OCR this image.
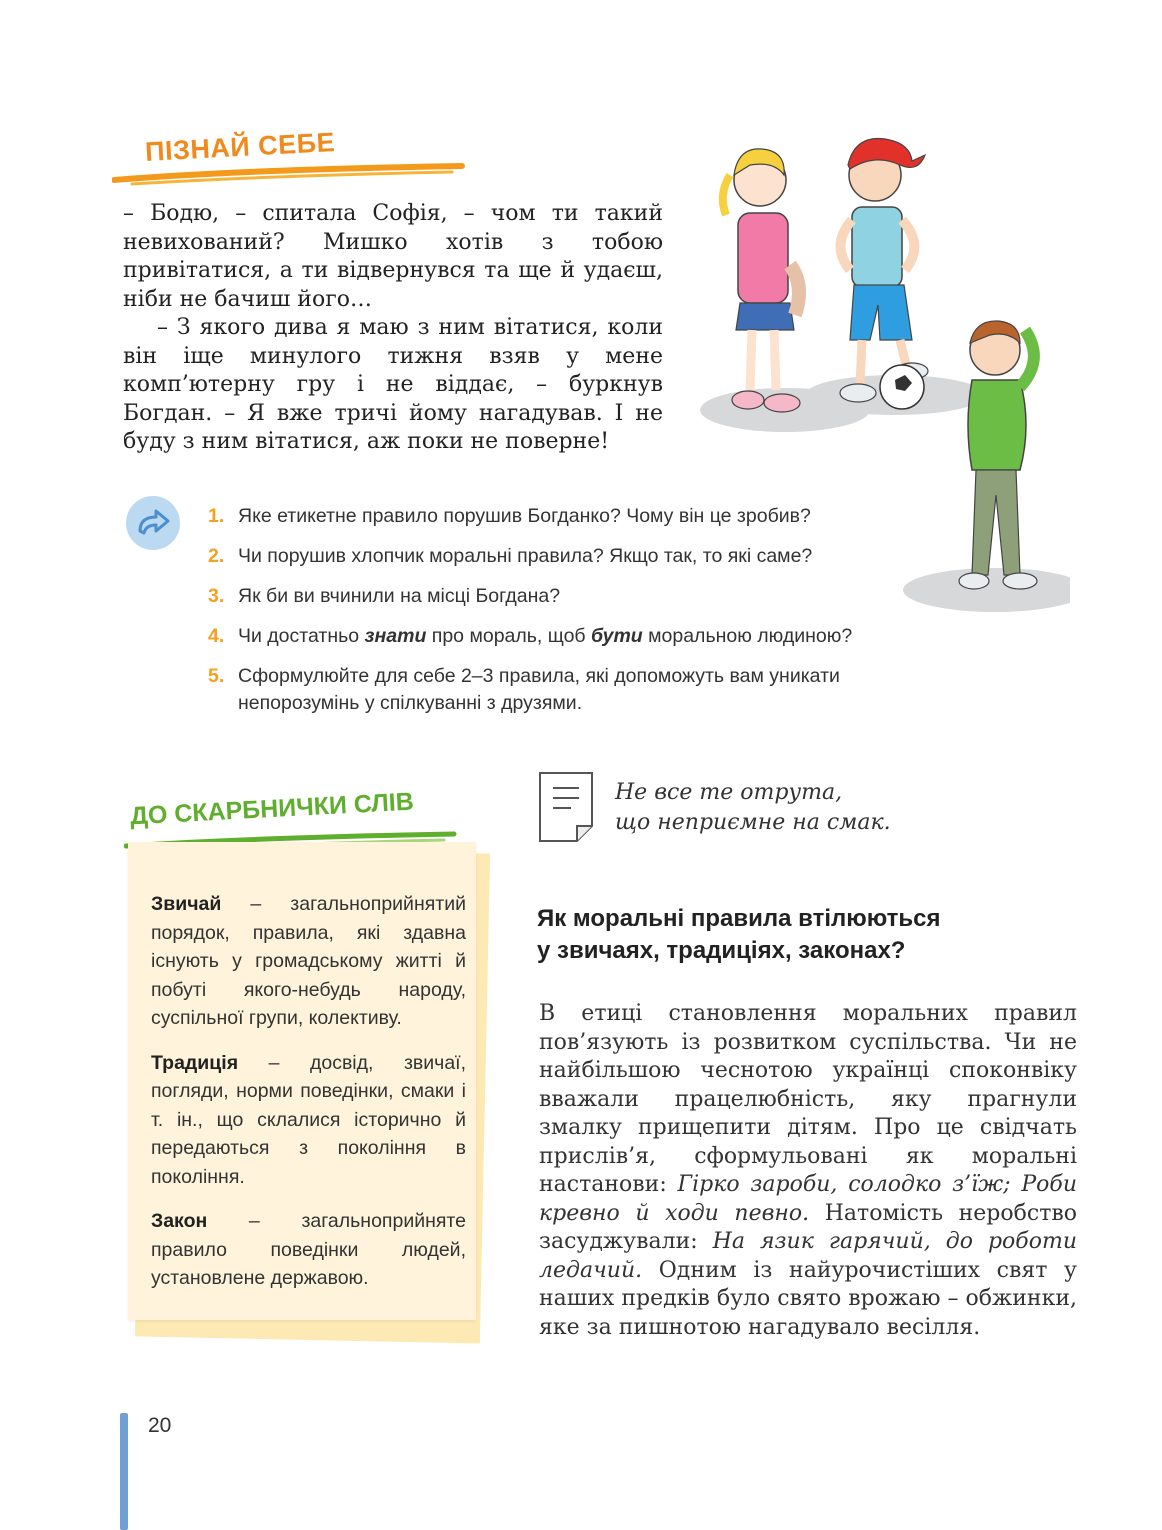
ПІЗНАЙ СЕБЕ

– Бодю, – спитала Софія, – чом ти такий невихований? Мишко хотів з тобою привітатися, а ти відвернувся та ще й удаєш, ніби не бачиш його…

– З якого дива я маю з ним вітатися, коли він іще минулого тижня взяв у мене комп’ютерну гру і не віддає, – буркнув Богдан. – Я вже тричі йому нагадував. І не буду з ним вітатися, аж поки не поверне!

1. Яке етикетне правило порушив Богданко? Чому він це зробив?
2. Чи порушив хлопчик моральні правила? Якщо так, то які саме?
3. Як би ви вчинили на місці Богдана?
4. Чи достатньо знати про мораль, щоб бути моральною людиною?
5. Сформулюйте для себе 2–3 правила, які допоможуть вам уникати непорозумінь у спілкуванні з друзями.
ДО СКАРБНИЧКИ СЛІВ

Звичай – загальноприйнятий порядок, правила, які здавна існують у громадському житті й побуті якого-небудь народу, суспільної групи, колективу.

Традиція – досвід, звичаї, погляди, норми поведінки, смаки і т. ін., що склалися історично й передаються з покоління в покоління.

Закон – загальноприйняте правило поведінки людей, установлене державою.

Не все те отрута,
що неприємне на смак.
Як моральні правила втілюються
у звичаях, традиціях, законах?
В етиці становлення моральних правил пов’язують із розвитком суспільства. Чи не найбільшою чеснотою українці споконвіку вважали працелюбність, яку прагнули змалку прищепити дітям. Про це свідчать прислів’я, сформульовані як моральні настанови: Гірко зароби, солодко з’їж; Роби кревно й ходи певно. Натомість неробство засуджували: На язик гарячий, до роботи ледачий. Одним із найурочистіших свят у наших предків було свято врожаю – обжинки, яке за пишнотою нагадувало весілля.
20
